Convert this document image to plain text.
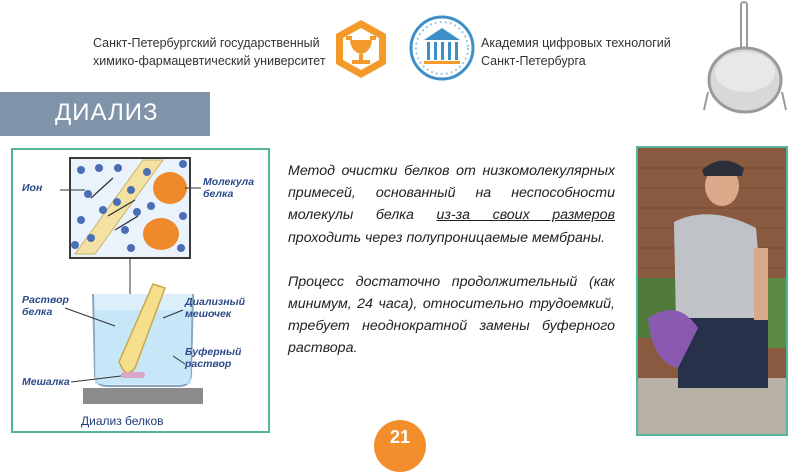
Санкт-Петербургский государственный
химико-фармацевтический университет
Академия цифровых технологий
Санкт-Петербурга
ДИАЛИЗ
Ион	Молекула
белка
Раствор
белка
Диализный
мешочек
Буферный
раствор
Мешалка
Диализ белков

Метод очистки белков от низкомолекулярных примесей, основанный на неспособности молекулы белка из-за своих размеров проходить через полупроницаемые мембраны.

Процесс достаточно продолжительный (как минимум, 24 часа), относительно трудоемкий, требует неоднократной замены буферного раствора.

21
